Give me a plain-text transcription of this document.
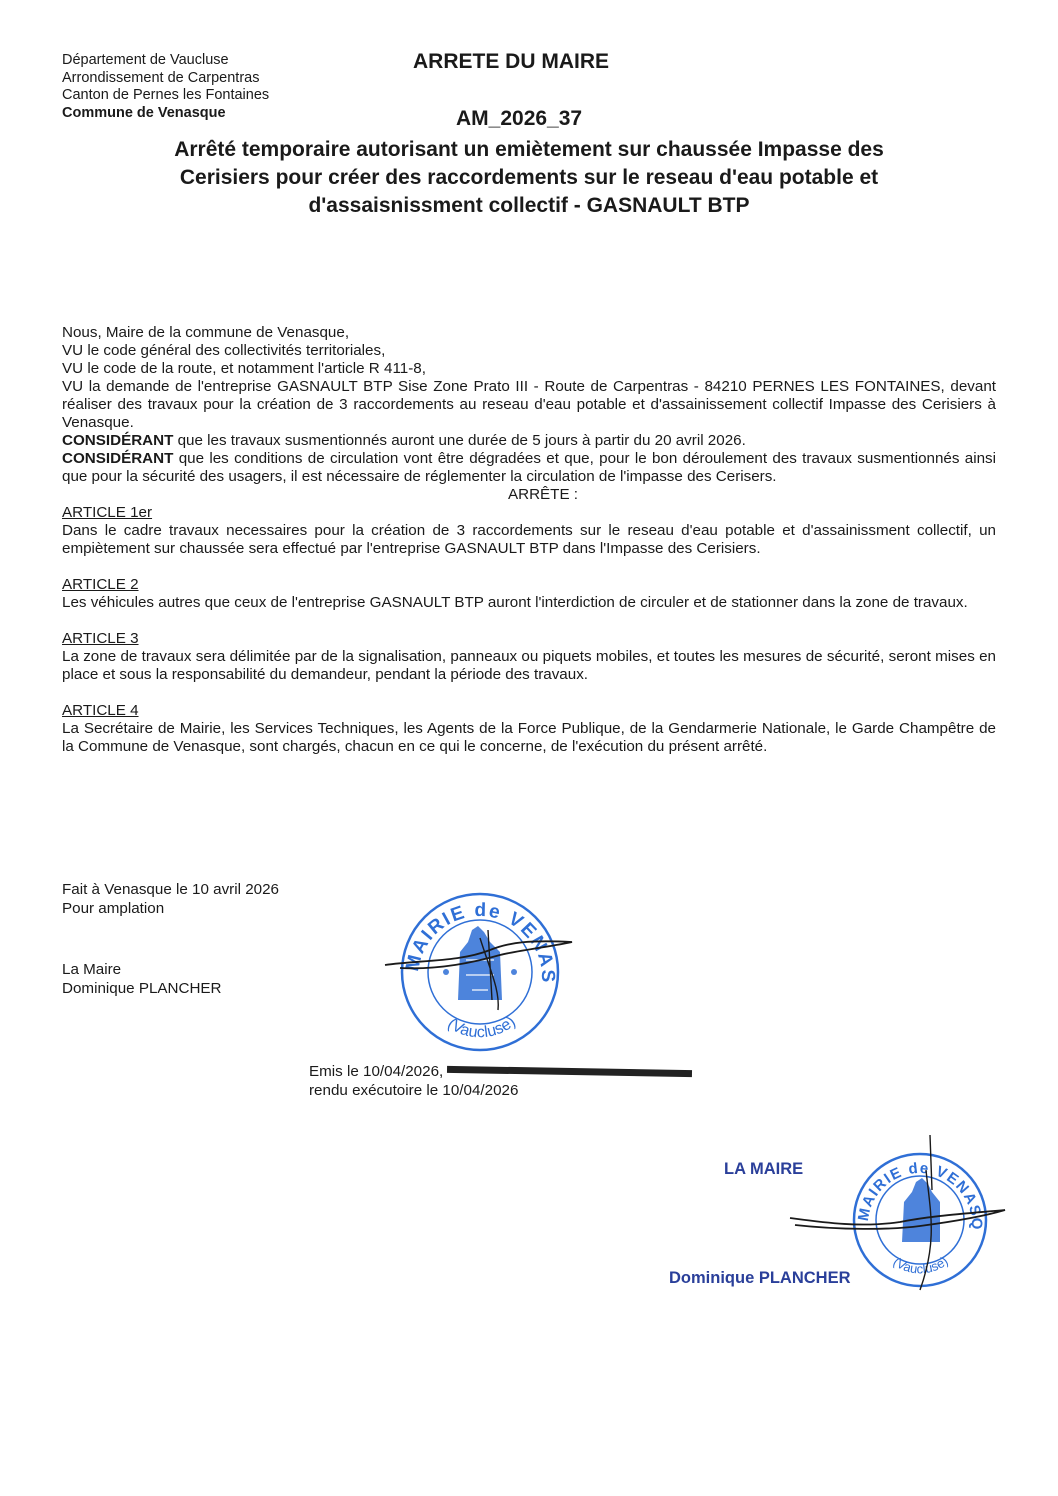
Département de Vaucluse
Arrondissement de Carpentras
Canton de Pernes les Fontaines
Commune de Venasque
ARRETE DU MAIRE
AM_2026_37
Arrêté temporaire autorisant un emiètement sur chaussée Impasse des
Cerisiers pour créer des raccordements sur le reseau d'eau potable et
d'assaisnissment collectif - GASNAULT BTP

Nous, Maire de la commune de Venasque,

VU le code général des collectivités territoriales,

VU le code de la route, et notamment l'article R 411-8,

VU la demande de l'entreprise GASNAULT BTP Sise Zone Prato III - Route de Carpentras - 84210 PERNES LES FONTAINES, devant réaliser des travaux pour la création de 3 raccordements au reseau d'eau potable et d'assainissement collectif Impasse des Cerisiers à Venasque.

CONSIDÉRANT que les travaux susmentionnés auront une durée de 5 jours à partir du 20 avril 2026.

CONSIDÉRANT que les conditions de circulation vont être dégradées et que, pour le bon déroulement des travaux susmentionnés ainsi que pour la sécurité des usagers, il est nécessaire de réglementer la circulation de l'impasse des Cerisers.

ARRÊTE :

ARTICLE 1er

Dans le cadre travaux necessaires pour la création de 3 raccordements sur le reseau d'eau potable et d'assainissment collectif, un empiètement sur chaussée sera effectué par l'entreprise GASNAULT BTP dans l'Impasse des Cerisiers.

ARTICLE 2

Les véhicules autres que ceux de l'entreprise GASNAULT BTP auront l'interdiction de circuler et de stationner dans la zone de travaux.

ARTICLE 3

La zone de travaux sera délimitée par de la signalisation, panneaux ou piquets mobiles, et toutes les mesures de sécurité, seront mises en place et sous la responsabilité du demandeur, pendant la période des travaux.

ARTICLE 4

La Secrétaire de Mairie, les Services Techniques, les Agents de la Force Publique, de la Gendarmerie Nationale, le Garde Champêtre de la Commune de Venasque, sont chargés, chacun en ce qui le concerne, de l'exécution du présent arrêté.

Fait à Venasque le 10 avril 2026
Pour amplation
La Maire
Dominique PLANCHER
MAIRIE de VENAS
(Vaucluse)
Emis le 10/04/2026,
rendu exécutoire le 10/04/2026
LA MAIRE
MAIRIE de VENASQ
(Vaucluse)
Dominique PLANCHER
